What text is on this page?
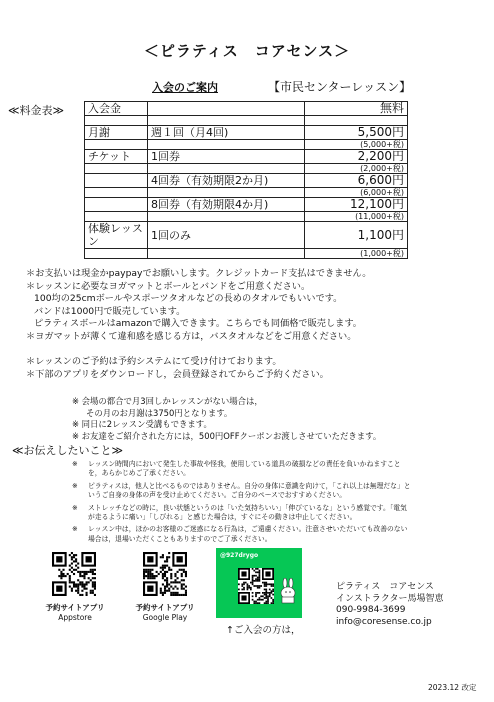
＜ピラティス　コアセンス＞
入会のご案内	【市民センターレッスン】
≪料金表≫ 入会金		無料

月謝	週１回（月4回)	5,500円
		(5,000+税)
チケット	1回券	2,200円
		(2,000+税)
	4回券（有効期限2か月)	6,600円
		(6,000+税)
	8回券（有効期限4か月)	12,100円
		(11,000+税)
体験レッスン	1回のみ	1,100円
		(1,000+税)
＊お支払いは現金かpaypayでお願いします。クレジットカード支払はできません。
＊レッスンに必要なヨガマットとボールとバンドをご用意ください。
100均の25cmボールやスポーツタオルなどの長めのタオルでもいいです。
バンドは1000円で販売しています。
ピラティスボールはamazonで購入できます。こちらでも同価格で販売します。
＊ヨガマットが薄くて違和感を感じる方は，バスタオルなどをご用意ください。

＊レッスンのご予約は予約システムにて受け付けております。
＊下部のアプリをダウンロードし，会員登録されてからご予約ください。
※ 会場の都合で月3回しかレッスンがない場合は，
その月のお月謝は3750円となります。
※ 同日に2レッスン受講もできます。
※ お友達をご紹介された方には，500円OFFクーポンお渡しさせていただきます。
≪お伝えしたいこと≫
※	レッスン時間内において発生した事故や怪我，使用している道具の破損などの責任を負いかねますことを，あらかじめご了承ください。
※	ピラティスは，他人と比べるものではありません。自分の身体に意識を向けて，「これ以上は無理だな」というご自身の身体の声を受け止めてください。ご自分のペースでおすすめください。
※	ストレッチなどの時に，良い状態というのは「いた気持ちいい」「伸びているな」という感覚です。「電気が走るように痛い」「しびれる」と感じた場合は，すぐにその動きは中止してください。
※	レッスン中は，ほかのお客様のご迷惑になる行為は，ご遠慮ください。注意させいただいても改善のない場合は，退場いただくこともありますのでご了承ください。
予約サイトアプリ
Appstore
予約サイトアプリ
Google Play
@927drygo
↑ご入会の方は，
ピラティス　コアセンス
インストラクター馬場智恵
090-9984-3699
info@coresense.co.jp
2023.12 改定
